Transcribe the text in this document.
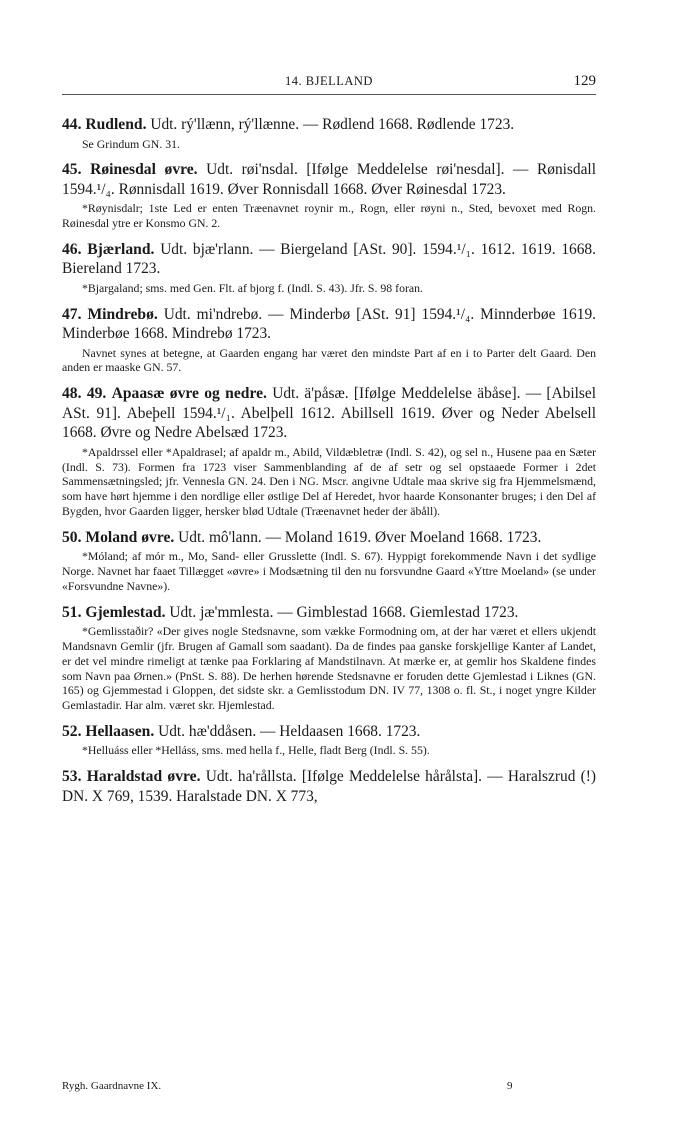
14. BJELLAND	129

44. Rudlend. Udt. rý'llænn, rý'llænne. — Rødlend 1668. Rødlende 1723.

Se Grindum GN. 31.

45. Røinesdal øvre. Udt. røi'nsdal. [Ifølge Meddelelse røi'nesdal]. — Rønisdall 1594.¹/₄. Rønnisdall 1619. Øver Ronnisdall 1668. Øver Røinesdal 1723.

*Røynisdalr; 1ste Led er enten Træenavnet roynir m., Rogn, eller røyni n., Sted, bevoxet med Rogn. Røinesdal ytre er Konsmo GN. 2.

46. Bjærland. Udt. bjæ'rlann. — Biergeland [ASt. 90]. 1594.¹/₁. 1612. 1619. 1668. Biereland 1723.

*Bjargaland; sms. med Gen. Flt. af bjorg f. (Indl. S. 43). Jfr. S. 98 foran.

47. Mindrebø. Udt. mi'ndrebø. — Minderbø [ASt. 91] 1594.¹/₄. Minnderbøe 1619. Minderbøe 1668. Mindrebø 1723.

Navnet synes at betegne, at Gaarden engang har været den mindste Part af en i to Parter delt Gaard. Den anden er maaske GN. 57.

48. 49. Apaasæ øvre og nedre. Udt. ä'påsæ. [Ifølge Meddelelse äbåse]. — [Abilsel ASt. 91]. Abeþell 1594.¹/₁. Abelþell 1612. Abillsell 1619. Øver og Neder Abelsell 1668. Øvre og Nedre Abelsæd 1723.

*Apaldrssel eller *Apaldrasel; af apaldr m., Abild, Vildæbletræ (Indl. S. 42), og sel n., Husene paa en Sæter (Indl. S. 73). Formen fra 1723 viser Sammenblanding af de af setr og sel opstaaede Former i 2det Sammensætningsled; jfr. Vennesla GN. 24. Den i NG. Mscr. angivne Udtale maa skrive sig fra Hjemmelsmænd, som have hørt hjemme i den nordlige eller østlige Del af Heredet, hvor haarde Konsonanter bruges; i den Del af Bygden, hvor Gaarden ligger, hersker blød Udtale (Træenavnet heder der äbåll).

50. Moland øvre. Udt. mô'lann. — Moland 1619. Øver Moeland 1668. 1723.

*Móland; af mór m., Mo, Sand- eller Grusslette (Indl. S. 67). Hyppigt forekommende Navn i det sydlige Norge. Navnet har faaet Tillægget «øvre» i Modsætning til den nu forsvundne Gaard «Yttre Moeland» (se under «Forsvundne Navne»).

51. Gjemlestad. Udt. jæ'mmlesta. — Gimblestad 1668. Giemlestad 1723.

*Gemlisstaðir? «Der gives nogle Stedsnavne, som vække Formodning om, at der har været et ellers ukjendt Mandsnavn Gemlir (jfr. Brugen af Gamall som saadant). Da de findes paa ganske forskjellige Kanter af Landet, er det vel mindre rimeligt at tænke paa Forklaring af Mandstilnavn. At mærke er, at gemlir hos Skaldene findes som Navn paa Ørnen.» (PnSt. S. 88). De herhen hørende Stedsnavne er foruden dette Gjemlestad i Liknes (GN. 165) og Gjemmestad i Gloppen, det sidste skr. a Gemlisstodum DN. IV 77, 1308 o. fl. St., i noget yngre Kilder Gemlastadir. Har alm. været skr. Hjemlestad.

52. Hellaasen. Udt. hæ'ddåsen. — Heldaasen 1668. 1723.

*Helluáss eller *Helláss, sms. med hella f., Helle, fladt Berg (Indl. S. 55).

53. Haraldstad øvre. Udt. ha'rållsta. [Ifølge Meddelelse hårålsta]. — Haralszrud (!) DN. X 769, 1539. Haralstade DN. X 773,

Rygh. Gaardnavne IX.	9
